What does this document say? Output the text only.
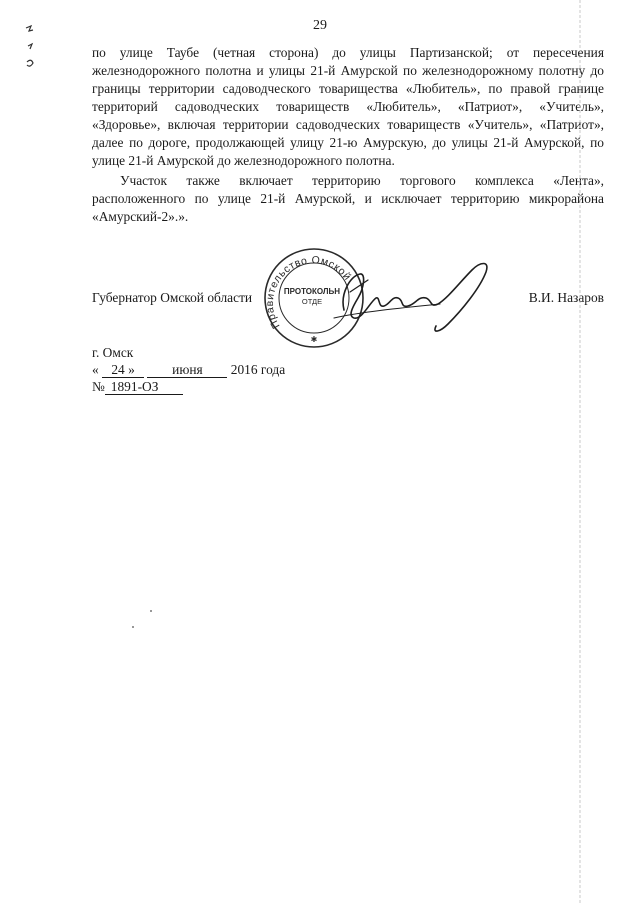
29

по улице Таубе (четная сторона) до улицы Партизанской; от пересечения железнодорожного полотна и улицы 21-й Амурской по железнодорожному полотну до границы территории садоводческого товарищества «Любитель», по правой границе территорий садоводческих товариществ «Любитель», «Патриот», «Учитель», «Здоровье», включая территории садоводческих товариществ «Учитель», «Патриот», далее по дороге, продолжающей улицу 21-ю Амурскую, до улицы 21-й Амурской, по улице 21-й Амурской до железнодорожного полотна.

Участок также включает территорию торгового комплекса «Лента», расположенного по улице 21-й Амурской, и исключает территорию микрорайона «Амурский-2».».

Правительство Омской
ПРОТОКОЛЬН
ОТДЕ
✱
Губернатор Омской области	В.И. Назаров
г. Омск
« 24 »	июня 2016 года
№ 1891-ОЗ
